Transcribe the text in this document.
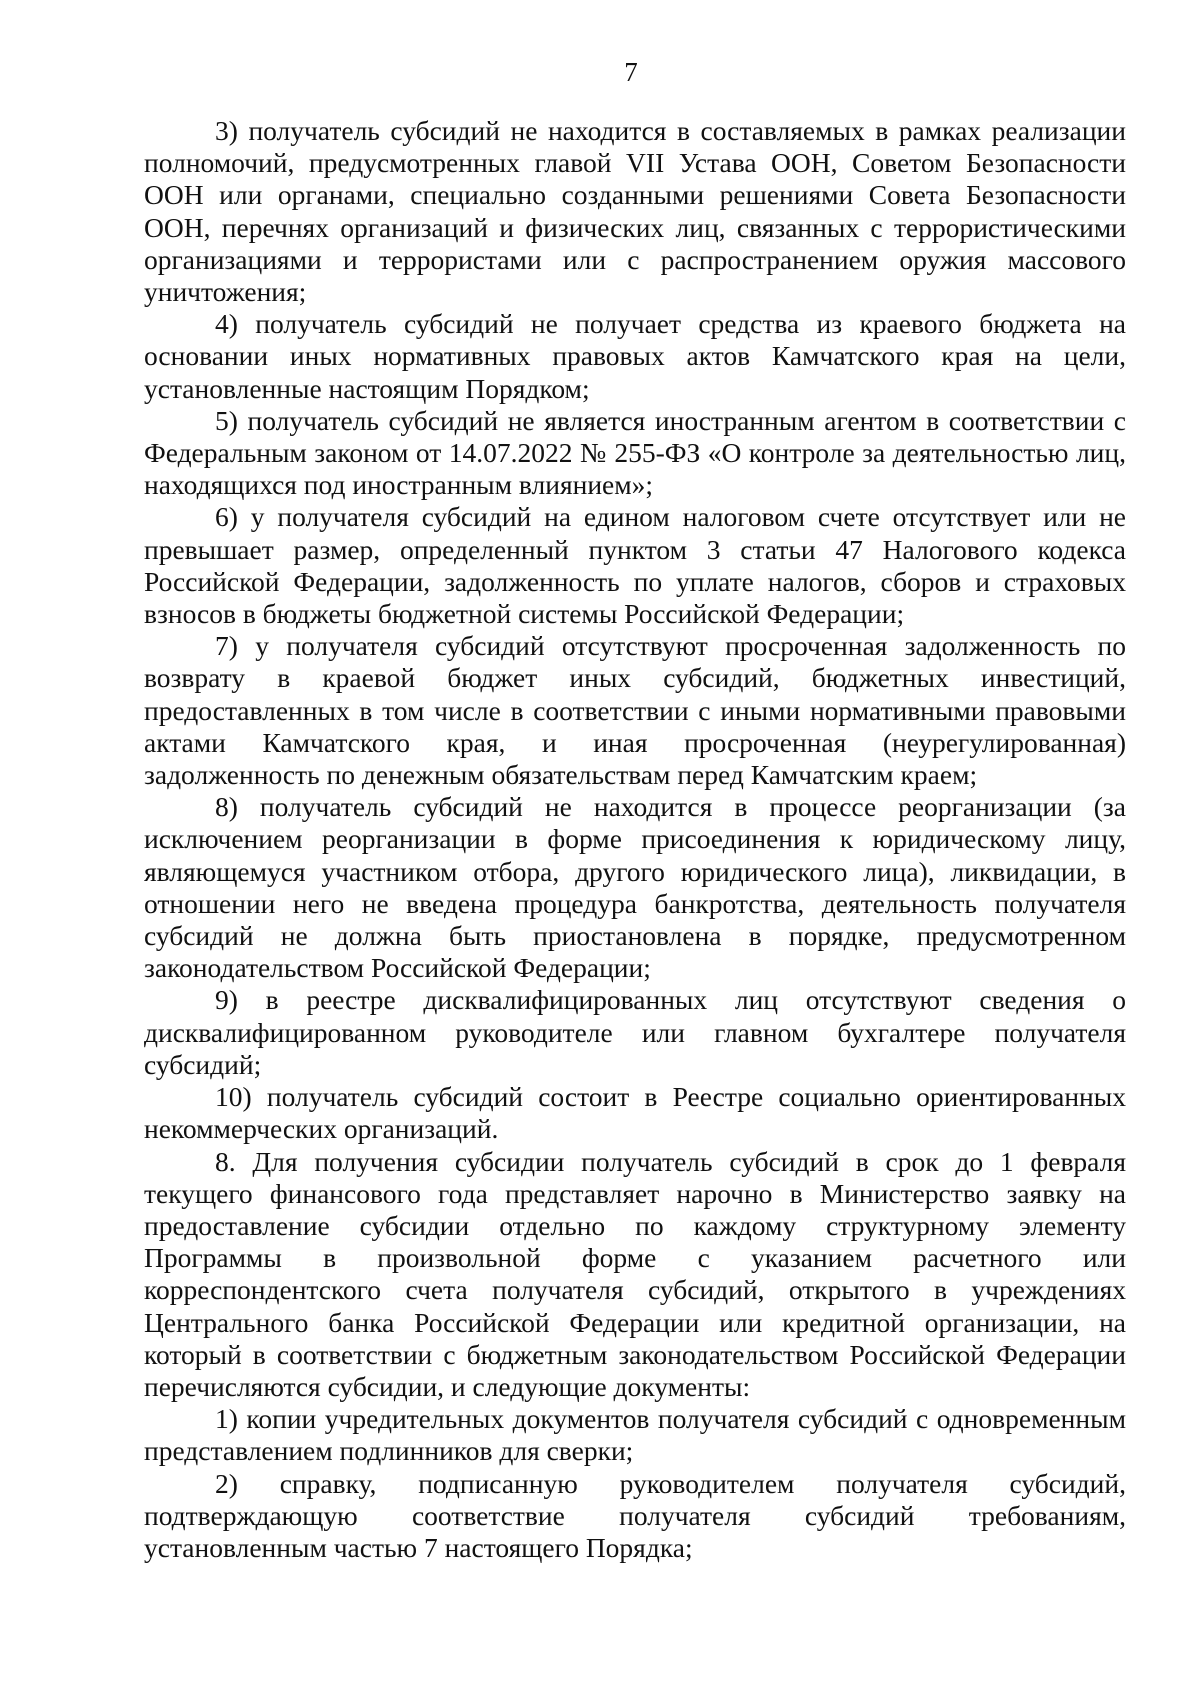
7

3) получатель субсидий не находится в составляемых в рамках реализации полномочий, предусмотренных главой VII Устава ООН, Советом Безопасности ООН или органами, специально созданными решениями Совета Безопасности ООН, перечнях организаций и физических лиц, связанных с террористическими организациями и террористами или с распространением оружия массового уничтожения;

4) получатель субсидий не получает средства из краевого бюджета на основании иных нормативных правовых актов Камчатского края на цели, установленные настоящим Порядком;

5) получатель субсидий не является иностранным агентом в соответствии с Федеральным законом от 14.07.2022 № 255-ФЗ «О контроле за деятельностью лиц, находящихся под иностранным влиянием»;

6) у получателя субсидий на едином налоговом счете отсутствует или не превышает размер, определенный пунктом 3 статьи 47 Налогового кодекса Российской Федерации, задолженность по уплате налогов, сборов и страховых взносов в бюджеты бюджетной системы Российской Федерации;

7) у получателя субсидий отсутствуют просроченная задолженность по возврату в краевой бюджет иных субсидий, бюджетных инвестиций, предоставленных в том числе в соответствии с иными нормативными правовыми актами Камчатского края, и иная просроченная (неурегулированная) задолженность по денежным обязательствам перед Камчатским краем;

8) получатель субсидий не находится в процессе реорганизации (за исключением реорганизации в форме присоединения к юридическому лицу, являющемуся участником отбора, другого юридического лица), ликвидации, в отношении него не введена процедура банкротства, деятельность получателя субсидий не должна быть приостановлена в порядке, предусмотренном законодательством Российской Федерации;

9) в реестре дисквалифицированных лиц отсутствуют сведения о дисквалифицированном руководителе или главном бухгалтере получателя субсидий;

10) получатель субсидий состоит в Реестре социально ориентированных некоммерческих организаций.

8. Для получения субсидии получатель субсидий в срок до 1 февраля текущего финансового года представляет нарочно в Министерство заявку на предоставление субсидии отдельно по каждому структурному элементу Программы в произвольной форме с указанием расчетного или корреспондентского счета получателя субсидий, открытого в учреждениях Центрального банка Российской Федерации или кредитной организации, на который в соответствии с бюджетным законодательством Российской Федерации перечисляются субсидии, и следующие документы:

1) копии учредительных документов получателя субсидий с одновременным представлением подлинников для сверки;

2) справку, подписанную руководителем получателя субсидий, подтверждающую соответствие получателя субсидий требованиям, установленным частью 7 настоящего Порядка;
